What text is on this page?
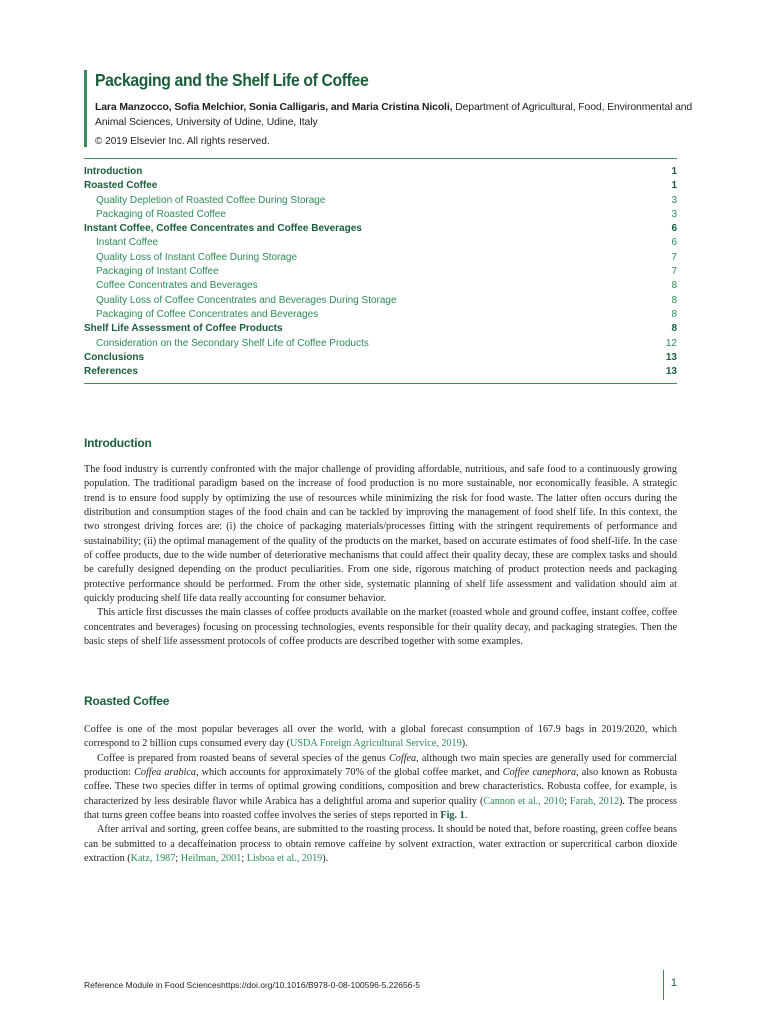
Packaging and the Shelf Life of Coffee

Lara Manzocco, Sofia Melchior, Sonia Calligaris, and Maria Cristina Nicoli, Department of Agricultural, Food, Environmental and Animal Sciences, University of Udine, Udine, Italy

© 2019 Elsevier Inc. All rights reserved.

Introduction	1
Roasted Coffee	1
Quality Depletion of Roasted Coffee During Storage	3
Packaging of Roasted Coffee	3
Instant Coffee, Coffee Concentrates and Coffee Beverages	6
Instant Coffee	6
Quality Loss of Instant Coffee During Storage	7
Packaging of Instant Coffee	7
Coffee Concentrates and Beverages	8
Quality Loss of Coffee Concentrates and Beverages During Storage	8
Packaging of Coffee Concentrates and Beverages	8
Shelf Life Assessment of Coffee Products	8
Consideration on the Secondary Shelf Life of Coffee Products	12
Conclusions	13
References	13
Introduction

The food industry is currently confronted with the major challenge of providing affordable, nutritious, and safe food to a continuously growing population. The traditional paradigm based on the increase of food production is no more sustainable, nor economically feasible. A strategic trend is to ensure food supply by optimizing the use of resources while minimizing the risk for food waste. The latter often occurs during the distribution and consumption stages of the food chain and can be tackled by improving the management of food shelf life. In this context, the two strongest driving forces are: (i) the choice of packaging materials/processes fitting with the stringent requirements of performance and sustainability; (ii) the optimal management of the quality of the products on the market, based on accurate estimates of food shelf-life. In the case of coffee products, due to the wide number of deteriorative mechanisms that could affect their quality decay, these are complex tasks and should be carefully designed depending on the product peculiarities. From one side, rigorous matching of product protection needs and packaging protective performance should be performed. From the other side, systematic planning of shelf life assessment and validation should aim at quickly producing shelf life data really accounting for consumer behavior.

This article first discusses the main classes of coffee products available on the market (roasted whole and ground coffee, instant coffee, coffee concentrates and beverages) focusing on processing technologies, events responsible for their quality decay, and packaging strategies. Then the basic steps of shelf life assessment protocols of coffee products are described together with some examples.

Roasted Coffee

Coffee is one of the most popular beverages all over the world, with a global forecast consumption of 167.9 bags in 2019/2020, which correspond to 2 billion cups consumed every day (USDA Foreign Agricultural Service, 2019).

Coffee is prepared from roasted beans of several species of the genus Coffea, although two main species are generally used for commercial production: Coffea arabica, which accounts for approximately 70% of the global coffee market, and Coffee canephora, also known as Robusta coffee. These two species differ in terms of optimal growing conditions, composition and brew characteristics. Robusta coffee, for example, is characterized by less desirable flavor while Arabica has a delightful aroma and superior quality (Cannon et al., 2010; Farah, 2012). The process that turns green coffee beans into roasted coffee involves the series of steps reported in Fig. 1.

After arrival and sorting, green coffee beans, are submitted to the roasting process. It should be noted that, before roasting, green coffee beans can be submitted to a decaffeination process to obtain remove caffeine by solvent extraction, water extraction or supercritical carbon dioxide extraction (Katz, 1987; Heilman, 2001; Lisboa et al., 2019).

Reference Module in Food Sciences https://doi.org/10.1016/B978-0-08-100596-5.22656-5	1
